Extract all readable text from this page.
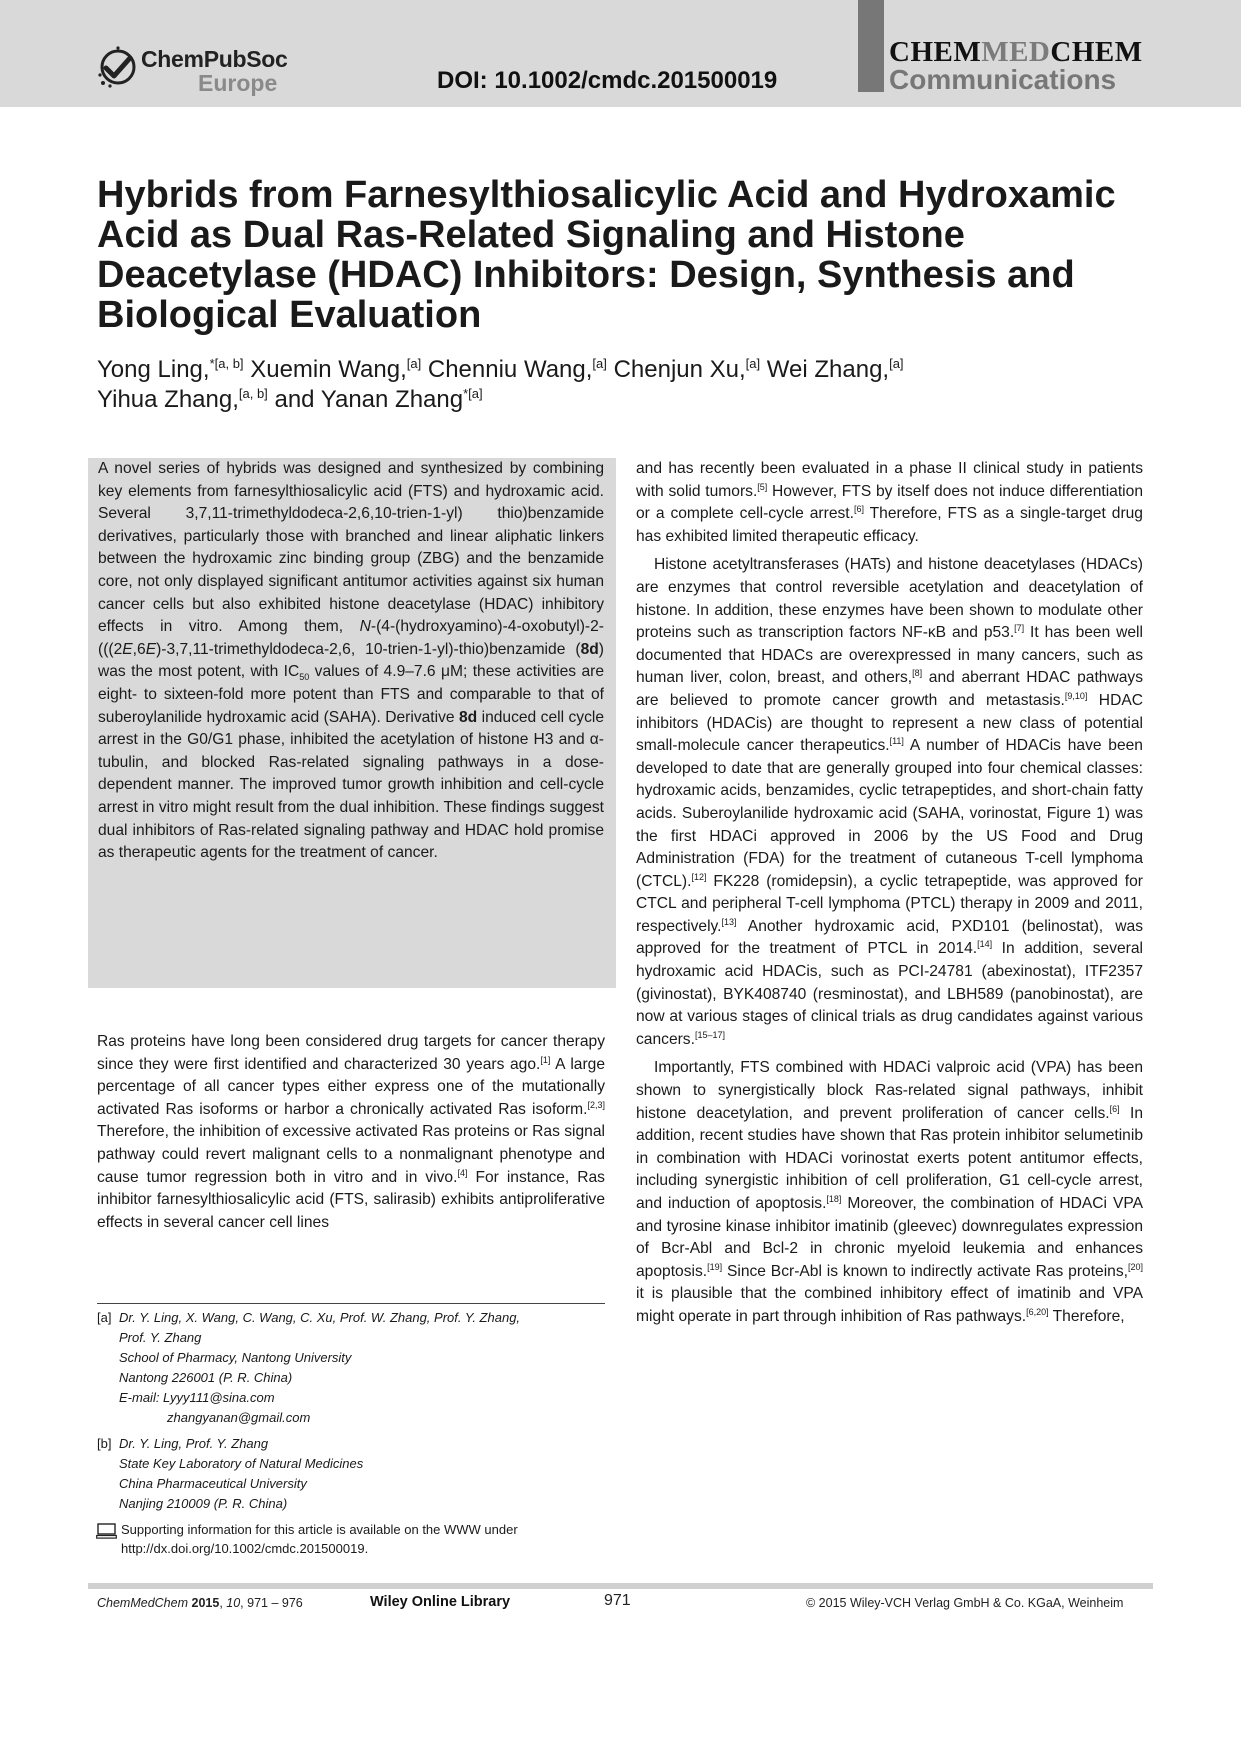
ChemPubSoc
Europe	DOI: 10.1002/cmdc.201500019
CHEMMEDCHEM
Communications
Hybrids from Farnesylthiosalicylic Acid and Hydroxamic Acid as Dual Ras-Related Signaling and Histone Deacetylase (HDAC) Inhibitors: Design, Synthesis and Biological Evaluation
Yong Ling,$^{*[a, b]}$ Xuemin Wang,[a] Chenniu Wang,[a] Chenjun Xu,[a] Wei Zhang,[a]
Yihua Zhang,[a, b] and Yanan Zhang$^{*[a]}$
A novel series of hybrids was designed and synthesized by combining key elements from farnesylthiosalicylic acid (FTS) and hydroxamic acid. Several 3,7,11-trimethyldodeca-2,6,10-trien-1-yl) thio)benzamide derivatives, particularly those with branched and linear aliphatic linkers between the hydroxamic zinc binding group (ZBG) and the benzamide core, not only displayed significant antitumor activities against six human cancer cells but also exhibited histone deacetylase (HDAC) inhibitory effects in vitro. Among them, N-(4-(hydroxyamino)-4-oxobutyl)-2-(((2E,6E)-3,7,11-trimethyldodeca-2,6, 10-trien-1-yl)-thio)benzamide (8d) was the most potent, with $IC_{50}$ values of 4.9–7.6 μM; these activities are eight- to sixteen-fold more potent than FTS and comparable to that of suberoylanilide hydroxamic acid (SAHA). Derivative 8d induced cell cycle arrest in the G0/G1 phase, inhibited the acetylation of histone H3 and α-tubulin, and blocked Ras-related signaling pathways in a dose-dependent manner. The improved tumor growth inhibition and cell-cycle arrest in vitro might result from the dual inhibition. These findings suggest dual inhibitors of Ras-related signaling pathway and HDAC hold promise as therapeutic agents for the treatment of cancer.

Ras proteins have long been considered drug targets for cancer therapy since they were first identified and characterized 30 years ago.[1] A large percentage of all cancer types either express one of the mutationally activated Ras isoforms or harbor a chronically activated Ras isoform.[2,3] Therefore, the inhibition of excessive activated Ras proteins or Ras signal pathway could revert malignant cells to a nonmalignant phenotype and cause tumor regression both in vitro and in vivo.[4] For instance, Ras inhibitor farnesylthiosalicylic acid (FTS, salirasib) exhibits antiproliferative effects in several cancer cell lines

[a] Dr. Y. Ling, X. Wang, C. Wang, C. Xu, Prof. W. Zhang, Prof. Y. Zhang,
Prof. Y. Zhang
School of Pharmacy, Nantong University
Nantong 226001 (P. R. China)
E-mail: Lyyy111@sina.com
zhangyanan@gmail.com
[b] Dr. Y. Ling, Prof. Y. Zhang
State Key Laboratory of Natural Medicines
China Pharmaceutical University
Nanjing 210009 (P. R. China)
Supporting information for this article is available on the WWW under
http://dx.doi.org/10.1002/cmdc.201500019.

and has recently been evaluated in a phase II clinical study in patients with solid tumors.[5] However, FTS by itself does not induce differentiation or a complete cell-cycle arrest.[6] Therefore, FTS as a single-target drug has exhibited limited therapeutic efficacy.

Histone acetyltransferases (HATs) and histone deacetylases (HDACs) are enzymes that control reversible acetylation and deacetylation of histone. In addition, these enzymes have been shown to modulate other proteins such as transcription factors NF-κB and p53.[7] It has been well documented that HDACs are overexpressed in many cancers, such as human liver, colon, breast, and others,[8] and aberrant HDAC pathways are believed to promote cancer growth and metastasis.[9,10] HDAC inhibitors (HDACis) are thought to represent a new class of potential small-molecule cancer therapeutics.[11] A number of HDACis have been developed to date that are generally grouped into four chemical classes: hydroxamic acids, benzamides, cyclic tetrapeptides, and short-chain fatty acids. Suberoylanilide hydroxamic acid (SAHA, vorinostat, Figure 1) was the first HDACi approved in 2006 by the US Food and Drug Administration (FDA) for the treatment of cutaneous T-cell lymphoma (CTCL).[12] FK228 (romidepsin), a cyclic tetrapeptide, was approved for CTCL and peripheral T-cell lymphoma (PTCL) therapy in 2009 and 2011, respectively.[13] Another hydroxamic acid, PXD101 (belinostat), was approved for the treatment of PTCL in 2014.[14] In addition, several hydroxamic acid HDACis, such as PCI-24781 (abexinostat), ITF2357 (givinostat), BYK408740 (resminostat), and LBH589 (panobinostat), are now at various stages of clinical trials as drug candidates against various cancers.[15–17]

Importantly, FTS combined with HDACi valproic acid (VPA) has been shown to synergistically block Ras-related signal pathways, inhibit histone deacetylation, and prevent proliferation of cancer cells.[6] In addition, recent studies have shown that Ras protein inhibitor selumetinib in combination with HDACi vorinostat exerts potent antitumor effects, including synergistic inhibition of cell proliferation, G1 cell-cycle arrest, and induction of apoptosis.[18] Moreover, the combination of HDACi VPA and tyrosine kinase inhibitor imatinib (gleevec) downregulates expression of Bcr-Abl and Bcl-2 in chronic myeloid leukemia and enhances apoptosis.[19] Since Bcr-Abl is known to indirectly activate Ras proteins,[20] it is plausible that the combined inhibitory effect of imatinib and VPA might operate in part through inhibition of Ras pathways.[6,20] Therefore,

ChemMedChem 2015, 10, 971 – 976	Wiley Online Library	971	© 2015 Wiley-VCH Verlag GmbH & Co. KGaA, Weinheim
